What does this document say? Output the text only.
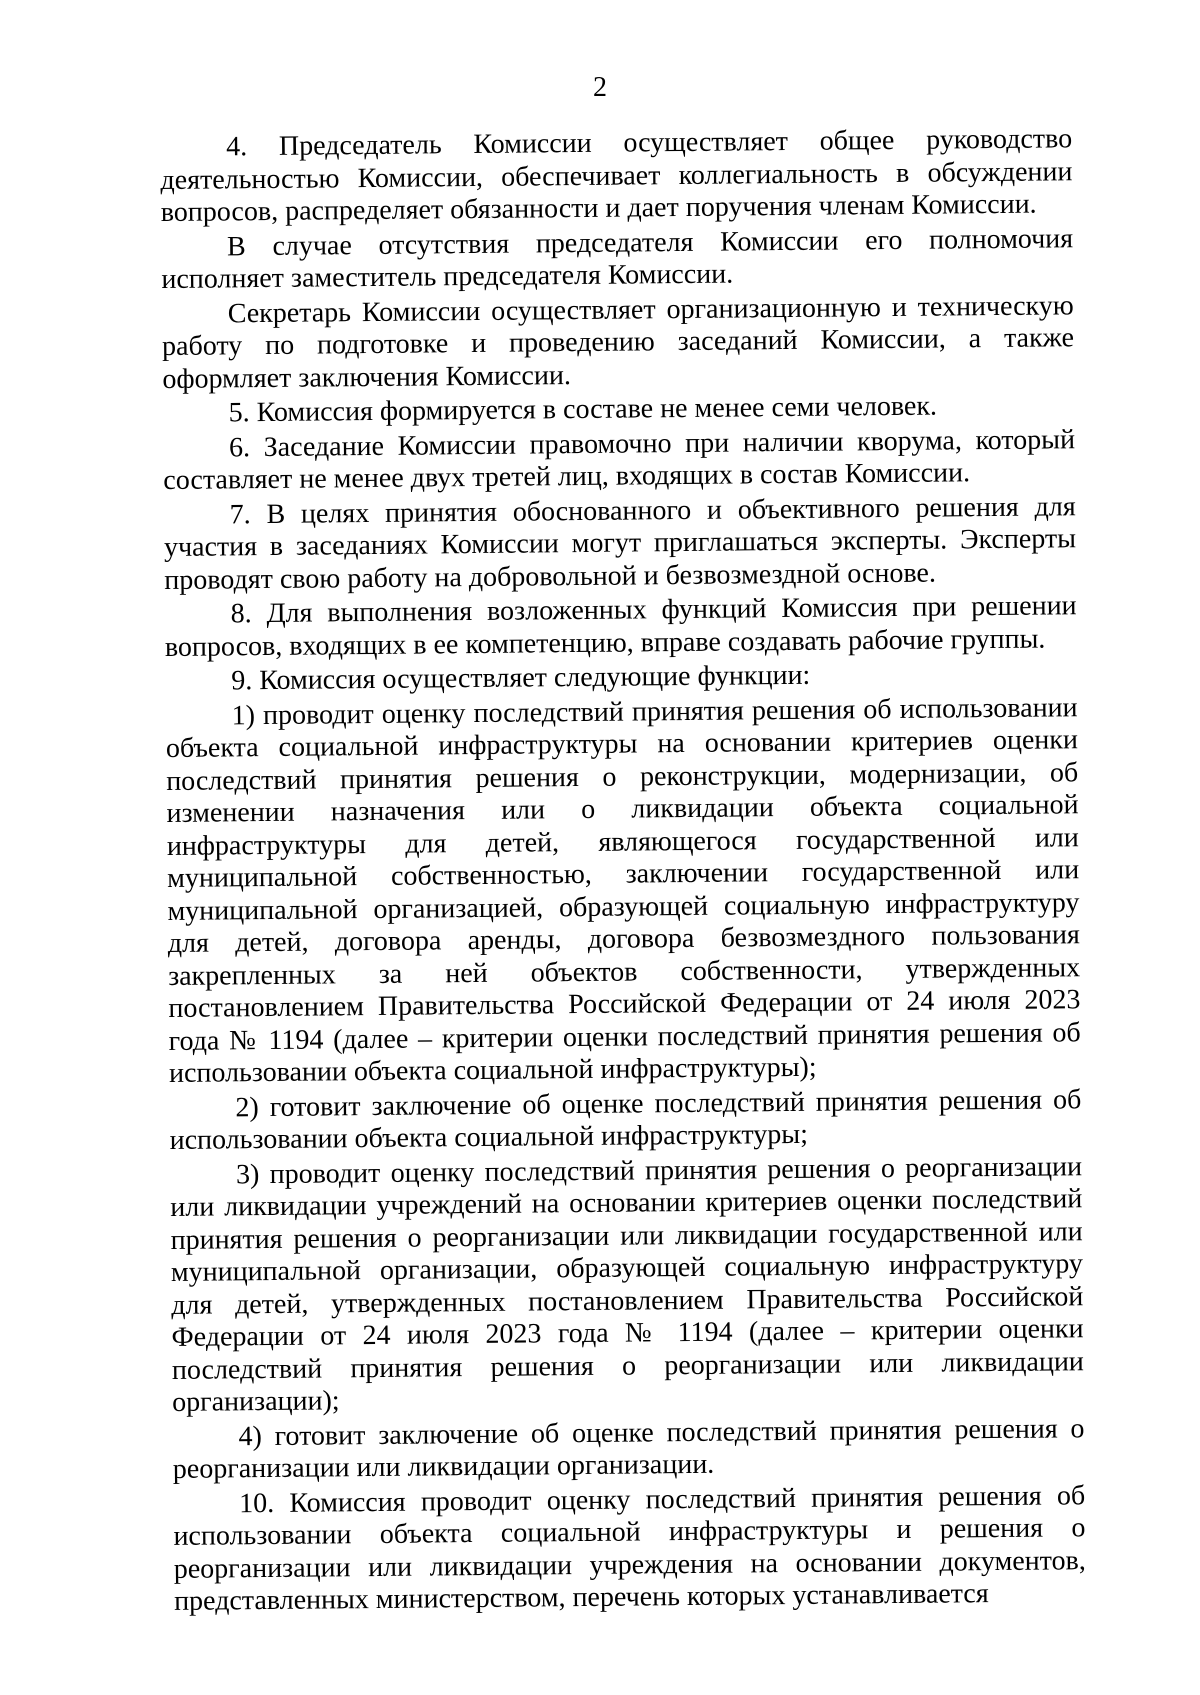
2

4. Председатель Комиссии осуществляет общее руководство деятельностью Комиссии, обеспечивает коллегиальность в обсуждении вопросов, распределяет обязанности и дает поручения членам Комиссии.

В случае отсутствия председателя Комиссии его полномочия исполняет заместитель председателя Комиссии.

Секретарь Комиссии осуществляет организационную и техническую работу по подготовке и проведению заседаний Комиссии, а также оформляет заключения Комиссии.

5. Комиссия формируется в составе не менее семи человек.

6. Заседание Комиссии правомочно при наличии кворума, который составляет не менее двух третей лиц, входящих в состав Комиссии.

7. В целях принятия обоснованного и объективного решения для участия в заседаниях Комиссии могут приглашаться эксперты. Эксперты проводят свою работу на добровольной и безвозмездной основе.

8. Для выполнения возложенных функций Комиссия при решении вопросов, входящих в ее компетенцию, вправе создавать рабочие группы.

9. Комиссия осуществляет следующие функции:

1) проводит оценку последствий принятия решения об использовании объекта социальной инфраструктуры на основании критериев оценки последствий принятия решения о реконструкции, модернизации, об изменении назначения или о ликвидации объекта социальной инфраструктуры для детей, являющегося государственной или муниципальной собственностью, заключении государственной или муниципальной организацией, образующей социальную инфраструктуру для детей, договора аренды, договора безвозмездного пользования закрепленных за ней объектов собственности, утвержденных постановлением Правительства Российской Федерации от 24 июля 2023 года № 1194 (далее – критерии оценки последствий принятия решения об использовании объекта социальной инфраструктуры);

2) готовит заключение об оценке последствий принятия решения об использовании объекта социальной инфраструктуры;

3) проводит оценку последствий принятия решения о реорганизации или ликвидации учреждений на основании критериев оценки последствий принятия решения о реорганизации или ликвидации государственной или муниципальной организации, образующей социальную инфраструктуру для детей, утвержденных постановлением Правительства Российской Федерации от 24 июля 2023 года № 1194 (далее – критерии оценки последствий принятия решения о реорганизации или ликвидации организации);

4) готовит заключение об оценке последствий принятия решения о реорганизации или ликвидации организации.

10. Комиссия проводит оценку последствий принятия решения об использовании объекта социальной инфраструктуры и решения о реорганизации или ликвидации учреждения на основании документов, представленных министерством, перечень которых устанавливается
